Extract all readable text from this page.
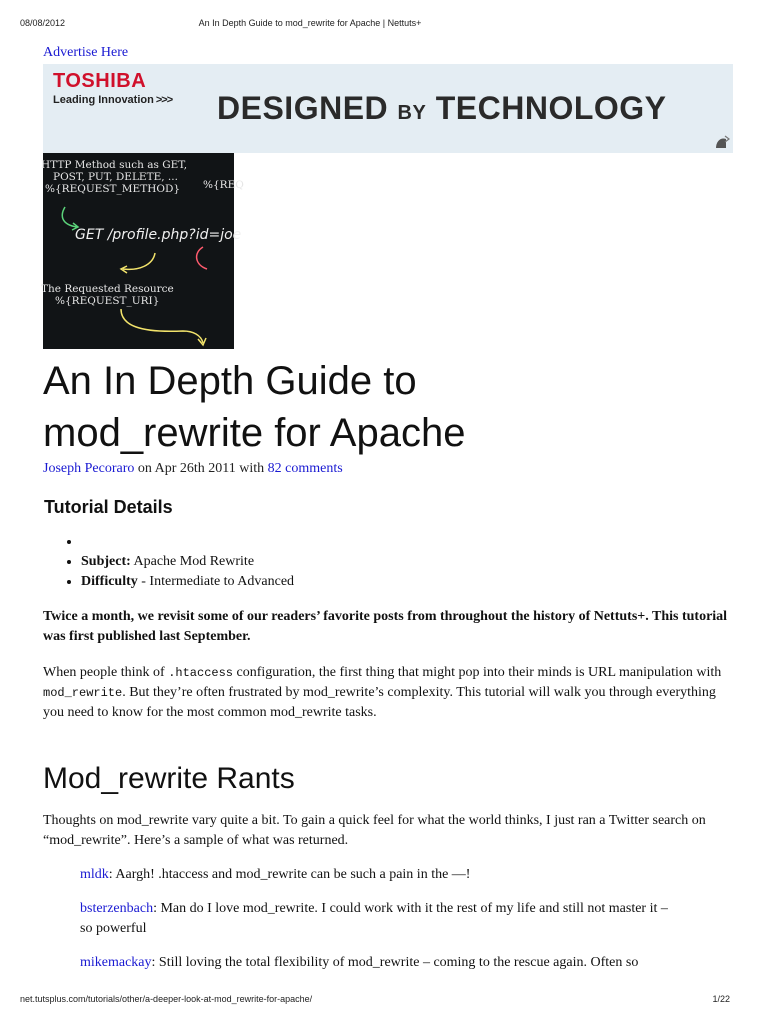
08/08/2012	An In Depth Guide to mod_rewrite for Apache | Nettuts+
Advertise Here
TOSHIBA
Leading Innovation >>> DESIGNED BY TECHNOLOGY
HTTP Method such as GET,
POST, PUT, DELETE, ...
%{REQUEST_METHOD} %{REQ
GET /profile.php?id=joe
The Requested Resource
%{REQUEST_URI}
An In Depth Guide to
mod_rewrite for Apache
Joseph Pecoraro on Apr 26th 2011 with 82 comments
Tutorial Details
•
• Subject: Apache Mod Rewrite
• Difficulty - Intermediate to Advanced

Twice a month, we revisit some of our readers’ favorite posts from throughout the history of Nettuts+. This tutorial was first published last September.

When people think of .htaccess configuration, the first thing that might pop into their minds is URL manipulation with mod_rewrite. But they’re often frustrated by mod_rewrite’s complexity. This tutorial will walk you through everything you need to know for the most common mod_rewrite tasks.

Mod_rewrite Rants

Thoughts on mod_rewrite vary quite a bit. To gain a quick feel for what the world thinks, I just ran a Twitter search on “mod_rewrite”. Here’s a sample of what was returned.

mldk: Aargh! .htaccess and mod_rewrite can be such a pain in the —!
bsterzenbach: Man do I love mod_rewrite. I could work with it the rest of my life and still not master it – so powerful
mikemackay: Still loving the total flexibility of mod_rewrite – coming to the rescue again. Often so
net.tutsplus.com/tutorials/other/a-deeper-look-at-mod_rewrite-for-apache/	1/22
